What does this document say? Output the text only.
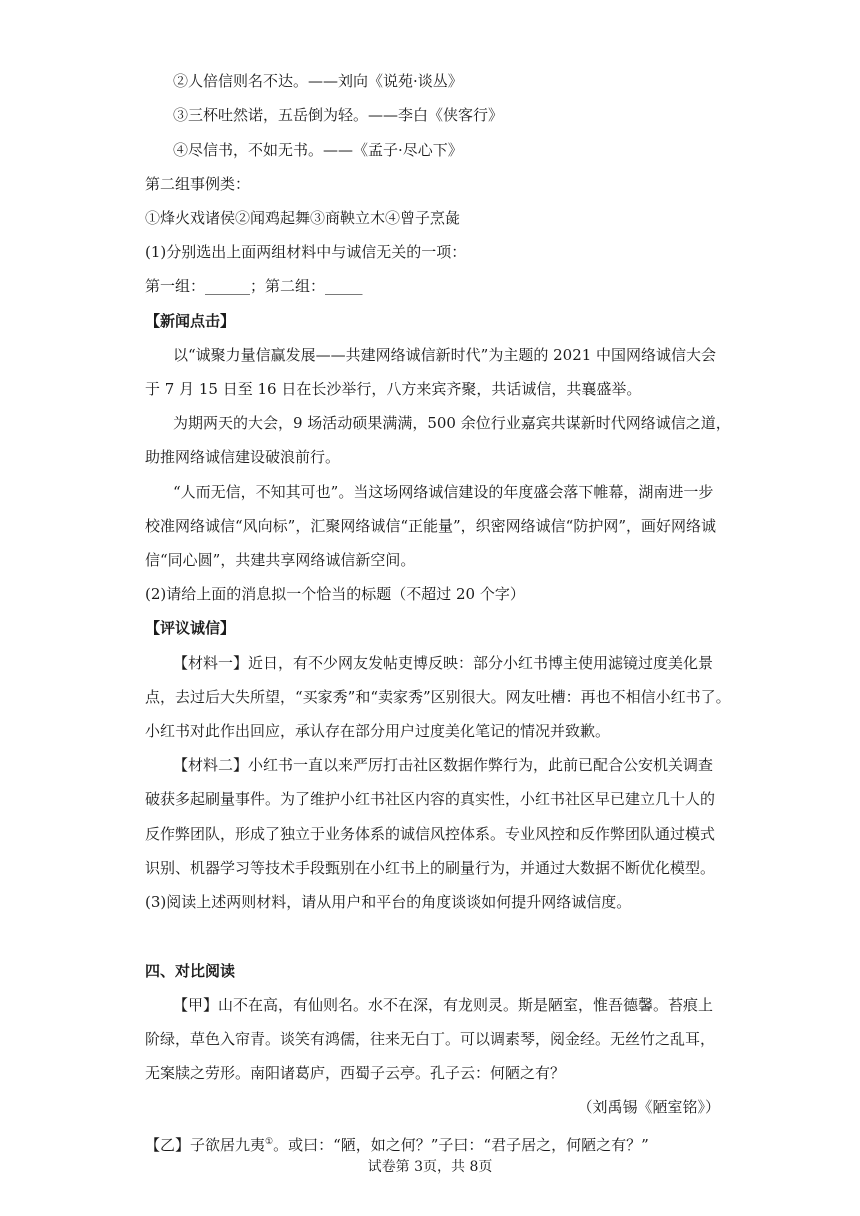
②人倍信则名不达。——刘向《说苑·谈丛》
③三杯吐然诺，五岳倒为轻。——李白《侠客行》
④尽信书，不如无书。——《孟子·尽心下》
第二组事例类：
①烽火戏诸侯②闻鸡起舞③商鞅立木④曾子烹彘
(1)分别选出上面两组材料中与诚信无关的一项：
第一组：______；第二组：_____
【新闻点击】
以“诚聚力量信赢发展——共建网络诚信新时代”为主题的 2021 中国网络诚信大会
于 7 月 15 日至 16 日在长沙举行，八方来宾齐聚，共话诚信，共襄盛举。
为期两天的大会，9 场活动硕果满满，500 余位行业嘉宾共谋新时代网络诚信之道，
助推网络诚信建设破浪前行。
“人而无信，不知其可也”。当这场网络诚信建设的年度盛会落下帷幕，湖南进一步
校准网络诚信“风向标”，汇聚网络诚信“正能量”，织密网络诚信“防护网”，画好网络诚
信“同心圆”，共建共享网络诚信新空间。
(2)请给上面的消息拟一个恰当的标题（不超过 20 个字）
【评议诚信】
【材料一】近日，有不少网友发帖吏博反映：部分小红书博主使用滤镜过度美化景
点，去过后大失所望，“买家秀”和“卖家秀”区别很大。网友吐槽：再也不相信小红书了。
小红书对此作出回应，承认存在部分用户过度美化笔记的情况并致歉。
【材料二】小红书一直以来严厉打击社区数据作弊行为，此前已配合公安机关调查
破获多起刷量事件。为了维护小红书社区内容的真实性，小红书社区早已建立几十人的
反作弊团队，形成了独立于业务体系的诚信风控体系。专业风控和反作弊团队通过模式
识别、机器学习等技术手段甄别在小红书上的刷量行为，并通过大数据不断优化模型。
(3)阅读上述两则材料，请从用户和平台的角度谈谈如何提升网络诚信度。
四、对比阅读
【甲】山不在高，有仙则名。水不在深，有龙则灵。斯是陋室，惟吾德馨。苔痕上
阶绿，草色入帘青。谈笑有鸿儒，往来无白丁。可以调素琴，阅金经。无丝竹之乱耳，
无案牍之劳形。南阳诸葛庐，西蜀子云亭。孔子云：何陋之有？
（刘禹锡《陋室铭》）
【乙】子欲居九夷①。或曰：“陋，如之何？”子曰：“君子居之，何陋之有？”
试卷第 3页，共 8页
